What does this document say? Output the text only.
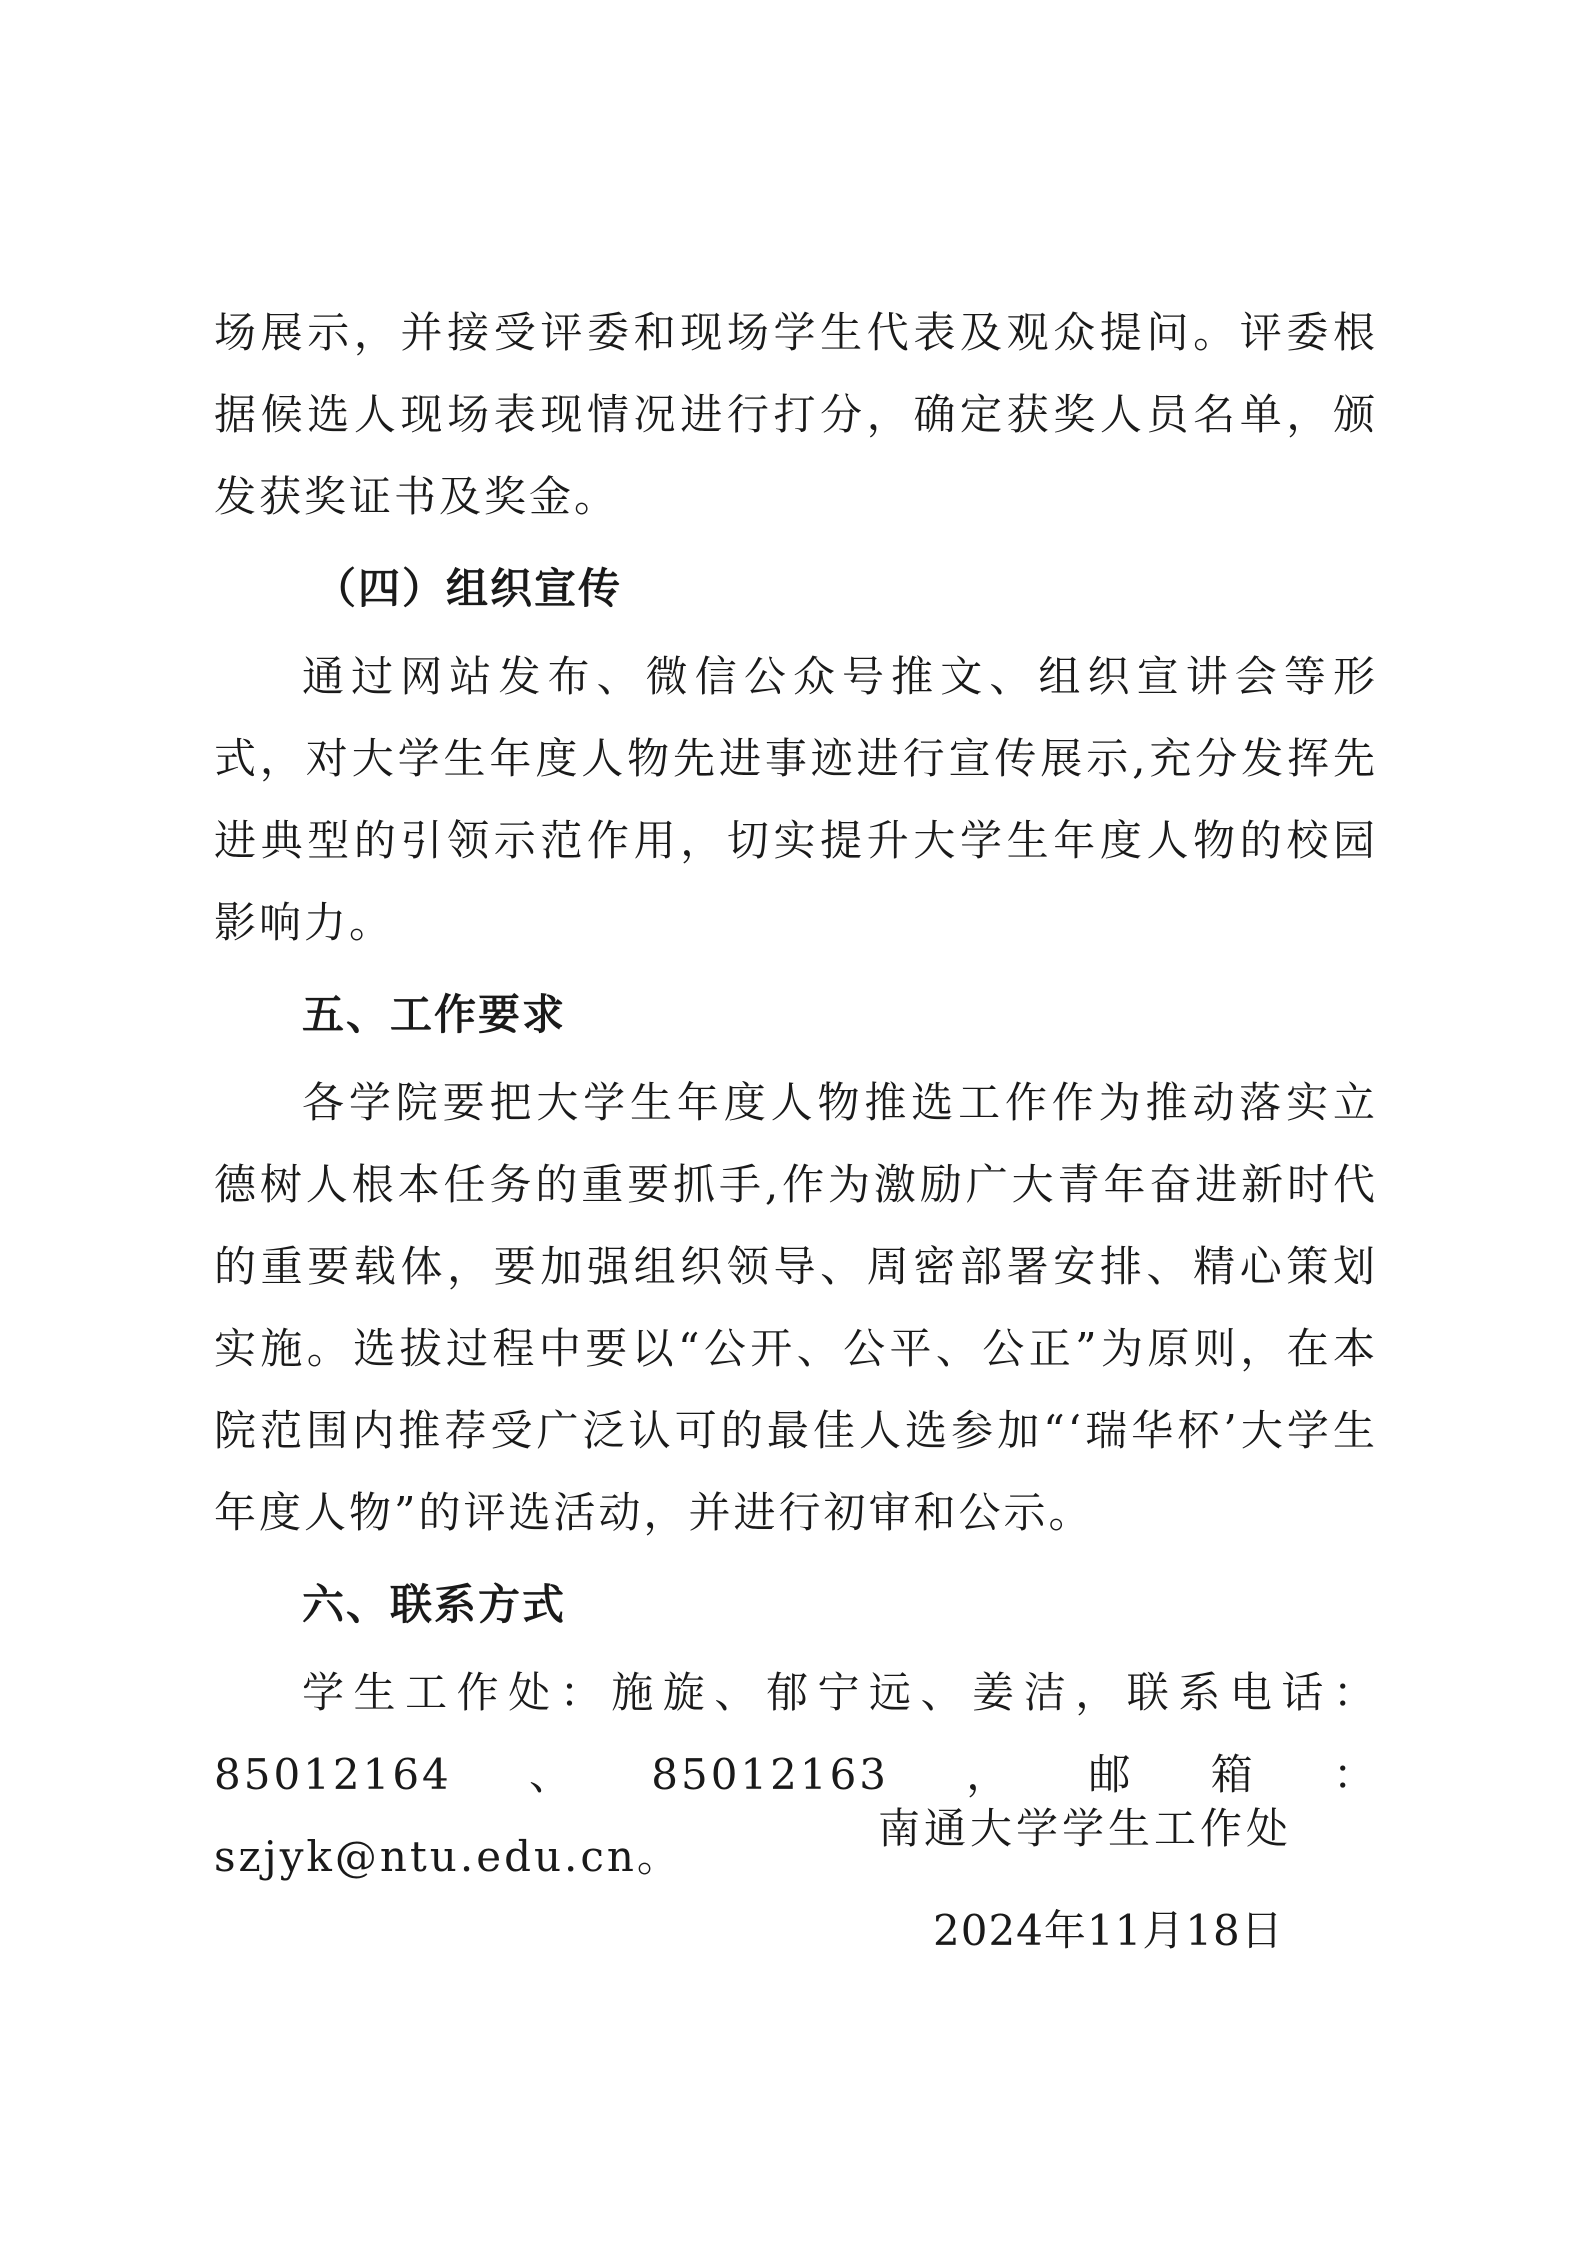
场展示，并接受评委和现场学生代表及观众提问。评委根据候选人现场表现情况进行打分，确定获奖人员名单，颁发获奖证书及奖金。

（四）组织宣传

通过网站发布、微信公众号推文、组织宣讲会等形式，对大学生年度人物先进事迹进行宣传展示,充分发挥先进典型的引领示范作用，切实提升大学生年度人物的校园影响力。

五、工作要求

各学院要把大学生年度人物推选工作作为推动落实立德树人根本任务的重要抓手,作为激励广大青年奋进新时代的重要载体，要加强组织领导、周密部署安排、精心策划实施。选拔过程中要以“公开、公平、公正”为原则，在本院范围内推荐受广泛认可的最佳人选参加“‘瑞华杯’大学生年度人物”的评选活动，并进行初审和公示。

六、联系方式

学生工作处：施旋、郁宁远、姜洁，联系电话：85012164、85012163，邮箱：szjyk@ntu.edu.cn。

南通大学学生工作处
2024年11月18日
